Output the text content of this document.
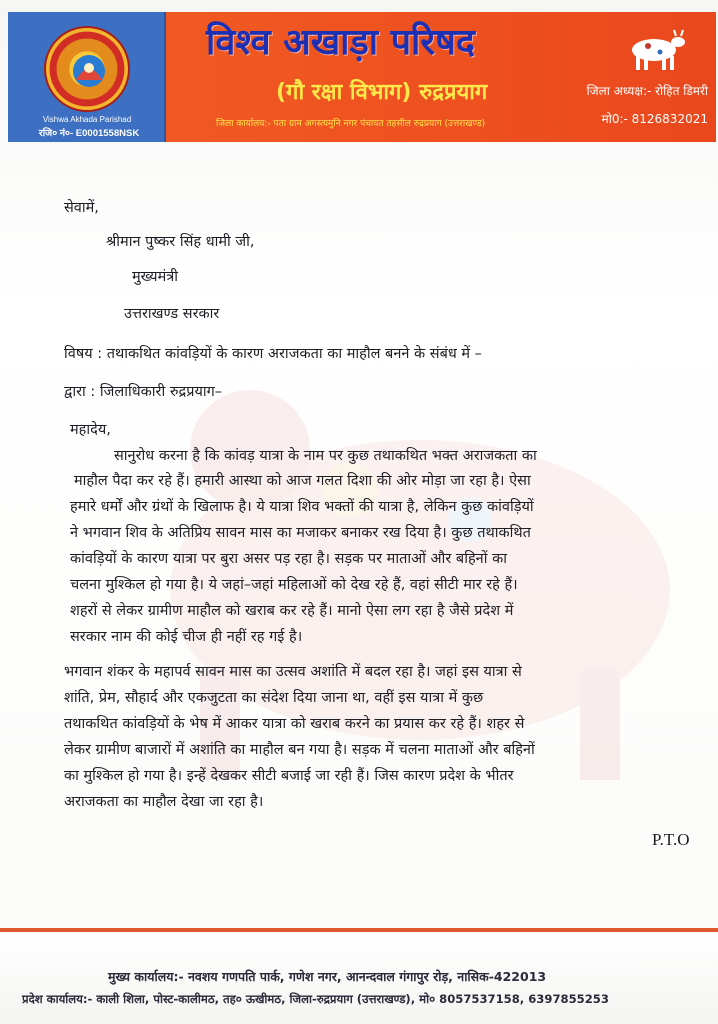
Vishwa Akhada Parishad
रजि० नं०- E0001558NSK
विश्व अखाड़ा परिषद
(गौ रक्षा विभाग) रुद्रप्रयाग
जिला कार्यालय:- पता ग्राम अगस्त्यमुनि नगर पंचायत तहसील रुद्रप्रयाग (उत्तराखण्ड)
जिला अध्यक्ष:- रोहित डिमरी
मो0:- 8126832021
सेवामें,
श्रीमान पुष्कर सिंह धामी जी,
मुख्यमंत्री
उत्तराखण्ड सरकार
विषय : तथाकथित कांवड़ियों के कारण अराजकता का माहौल बनने के संबंध में –
द्वारा : जिलाधिकारी रुद्रप्रयाग–
महादेय,
सानुरोध करना है कि कांवड़ यात्रा के नाम पर कुछ तथाकथित भक्त अराजकता का
माहौल पैदा कर रहे हैं। हमारी आस्था को आज गलत दिशा की ओर मोड़ा जा रहा है। ऐसा
हमारे धर्मों और ग्रंथों के खिलाफ है। ये यात्रा शिव भक्तों की यात्रा है, लेकिन कुछ कांवड़ियों
ने भगवान शिव के अतिप्रिय सावन मास का मजाकर बनाकर रख दिया है। कुछ तथाकथित
कांवड़ियों के कारण यात्रा पर बुरा असर पड़ रहा है। सड़क पर माताओं और बहिनों का
चलना मुश्किल हो गया है। ये जहां–जहां महिलाओं को देख रहे हैं, वहां सीटी मार रहे हैं।
शहरों से लेकर ग्रामीण माहौल को खराब कर रहे हैं। मानो ऐसा लग रहा है जैसे प्रदेश में
सरकार नाम की कोई चीज ही नहीं रह गई है।
भगवान शंकर के महापर्व सावन मास का उत्सव अशांति में बदल रहा है। जहां इस यात्रा से
शांति, प्रेम, सौहार्द और एकजुटता का संदेश दिया जाना था, वहीं इस यात्रा में कुछ
तथाकथित कांवड़ियों के भेष में आकर यात्रा को खराब करने का प्रयास कर रहे हैं। शहर से
लेकर ग्रामीण बाजारों में अशांति का माहौल बन गया है। सड़क में चलना माताओं और बहिनों
का मुश्किल हो गया है। इन्हें देखकर सीटी बजाई जा रही हैं। जिस कारण प्रदेश के भीतर
अराजकता का माहौल देखा जा रहा है।
P.T.O
मुख्य कार्यालय:- नवशय गणपति पार्क, गणेश नगर, आनन्दवाल गंगापुर रोड़, नासिक-422013
प्रदेश कार्यालय:- काली शिला, पोस्ट-कालीमठ, तह० ऊखीमठ, जिला-रुद्रप्रयाग (उत्तराखण्ड), मो० 8057537158, 6397855253
